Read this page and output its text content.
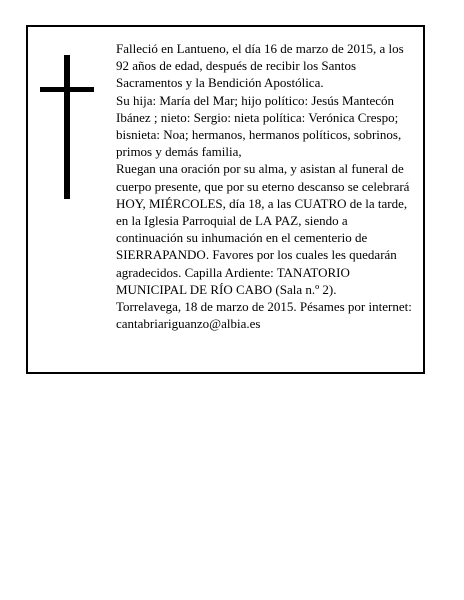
Falleció en Lantueno, el día 16 de marzo de 2015, a los 92 años de edad, después de recibir los Santos Sacramentos y la Bendición Apostólica.

Su hija: María del Mar; hijo político: Jesús Mantecón Ibánez ; nieto: Sergio: nieta política: Verónica Crespo; bisnieta: Noa; hermanos, hermanos políticos, sobrinos, primos y demás familia,

Ruegan una oración por su alma, y asistan al funeral de cuerpo presente, que por su eterno descanso se celebrará HOY, MIÉRCOLES, día 18, a las CUATRO de la tarde, en la Iglesia Parroquial de LA PAZ, siendo a continuación su inhumación en el cementerio de SIERRAPANDO. Favores por los cuales les quedarán agradecidos. Capilla Ardiente: TANATORIO MUNICIPAL DE RÍO CABO (Sala n.º 2).

Torrelavega, 18 de marzo de 2015. Pésames por internet: cantabriariguanzo@albia.es
